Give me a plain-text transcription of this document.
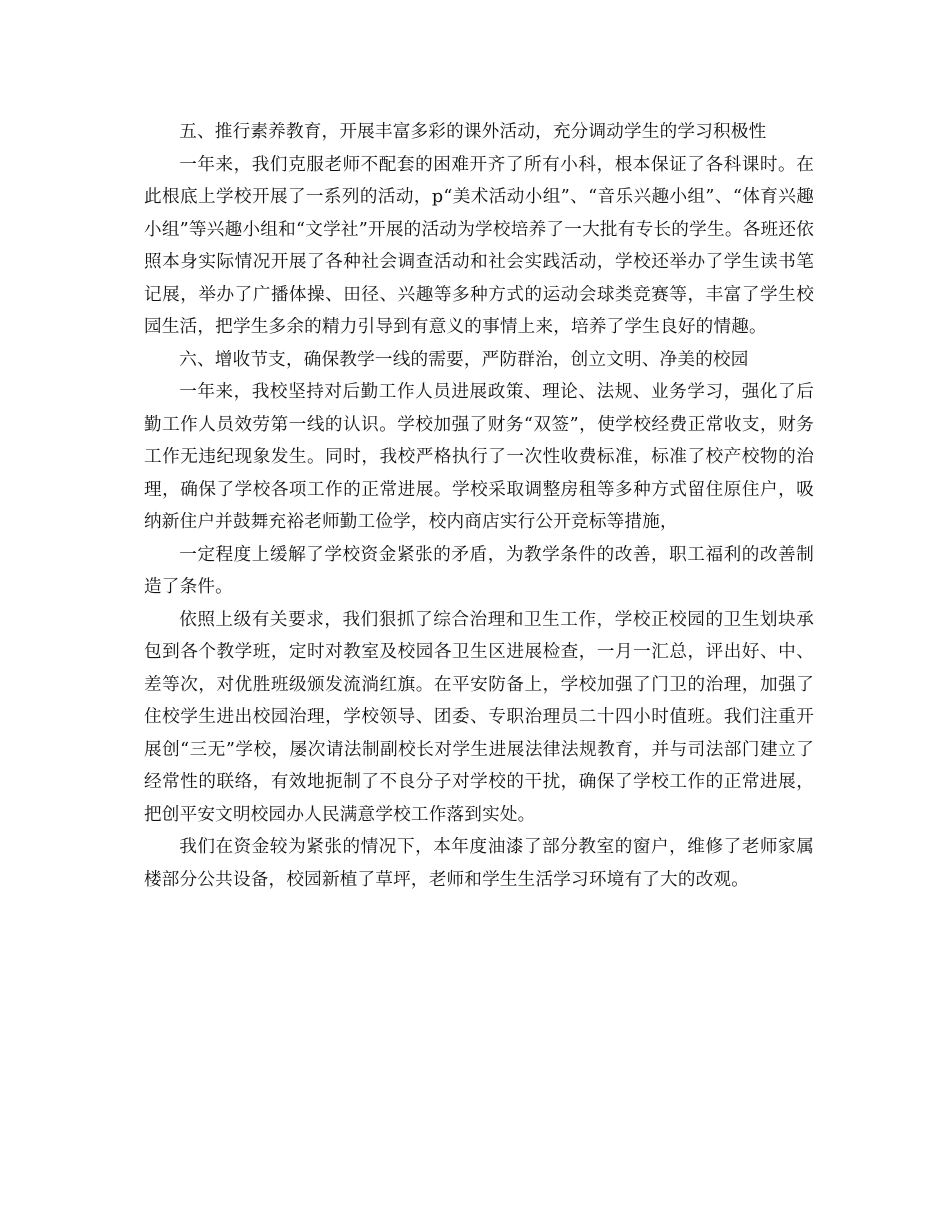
五、推行素养教育，开展丰富多彩的课外活动，充分调动学生的学习积极性

一年来，我们克服老师不配套的困难开齐了所有小科，根本保证了各科课时。在此根底上学校开展了一系列的活动，p“美术活动小组”、“音乐兴趣小组”、“体育兴趣小组”等兴趣小组和“文学社”开展的活动为学校培养了一大批有专长的学生。各班还依照本身实际情况开展了各种社会调查活动和社会实践活动，学校还举办了学生读书笔记展，举办了广播体操、田径、兴趣等多种方式的运动会球类竞赛等，丰富了学生校园生活，把学生多余的精力引导到有意义的事情上来，培养了学生良好的情趣。

六、增收节支，确保教学一线的需要，严防群治，创立文明、净美的校园

一年来，我校坚持对后勤工作人员进展政策、理论、法规、业务学习，强化了后勤工作人员效劳第一线的认识。学校加强了财务“双签”，使学校经费正常收支，财务工作无违纪现象发生。同时，我校严格执行了一次性收费标准，标准了校产校物的治理，确保了学校各项工作的正常进展。学校采取调整房租等多种方式留住原住户，吸纳新住户并鼓舞充裕老师勤工俭学，校内商店实行公开竞标等措施，

一定程度上缓解了学校资金紧张的矛盾，为教学条件的改善，职工福利的改善制造了条件。

依照上级有关要求，我们狠抓了综合治理和卫生工作，学校正校园的卫生划块承包到各个教学班，定时对教室及校园各卫生区进展检查，一月一汇总，评出好、中、差等次，对优胜班级颁发流淌红旗。在平安防备上，学校加强了门卫的治理，加强了住校学生进出校园治理，学校领导、团委、专职治理员二十四小时值班。我们注重开展创“三无”学校，屡次请法制副校长对学生进展法律法规教育，并与司法部门建立了经常性的联络，有效地扼制了不良分子对学校的干扰，确保了学校工作的正常进展，把创平安文明校园办人民满意学校工作落到实处。

我们在资金较为紧张的情况下，本年度油漆了部分教室的窗户，维修了老师家属楼部分公共设备，校园新植了草坪，老师和学生生活学习环境有了大的改观。
